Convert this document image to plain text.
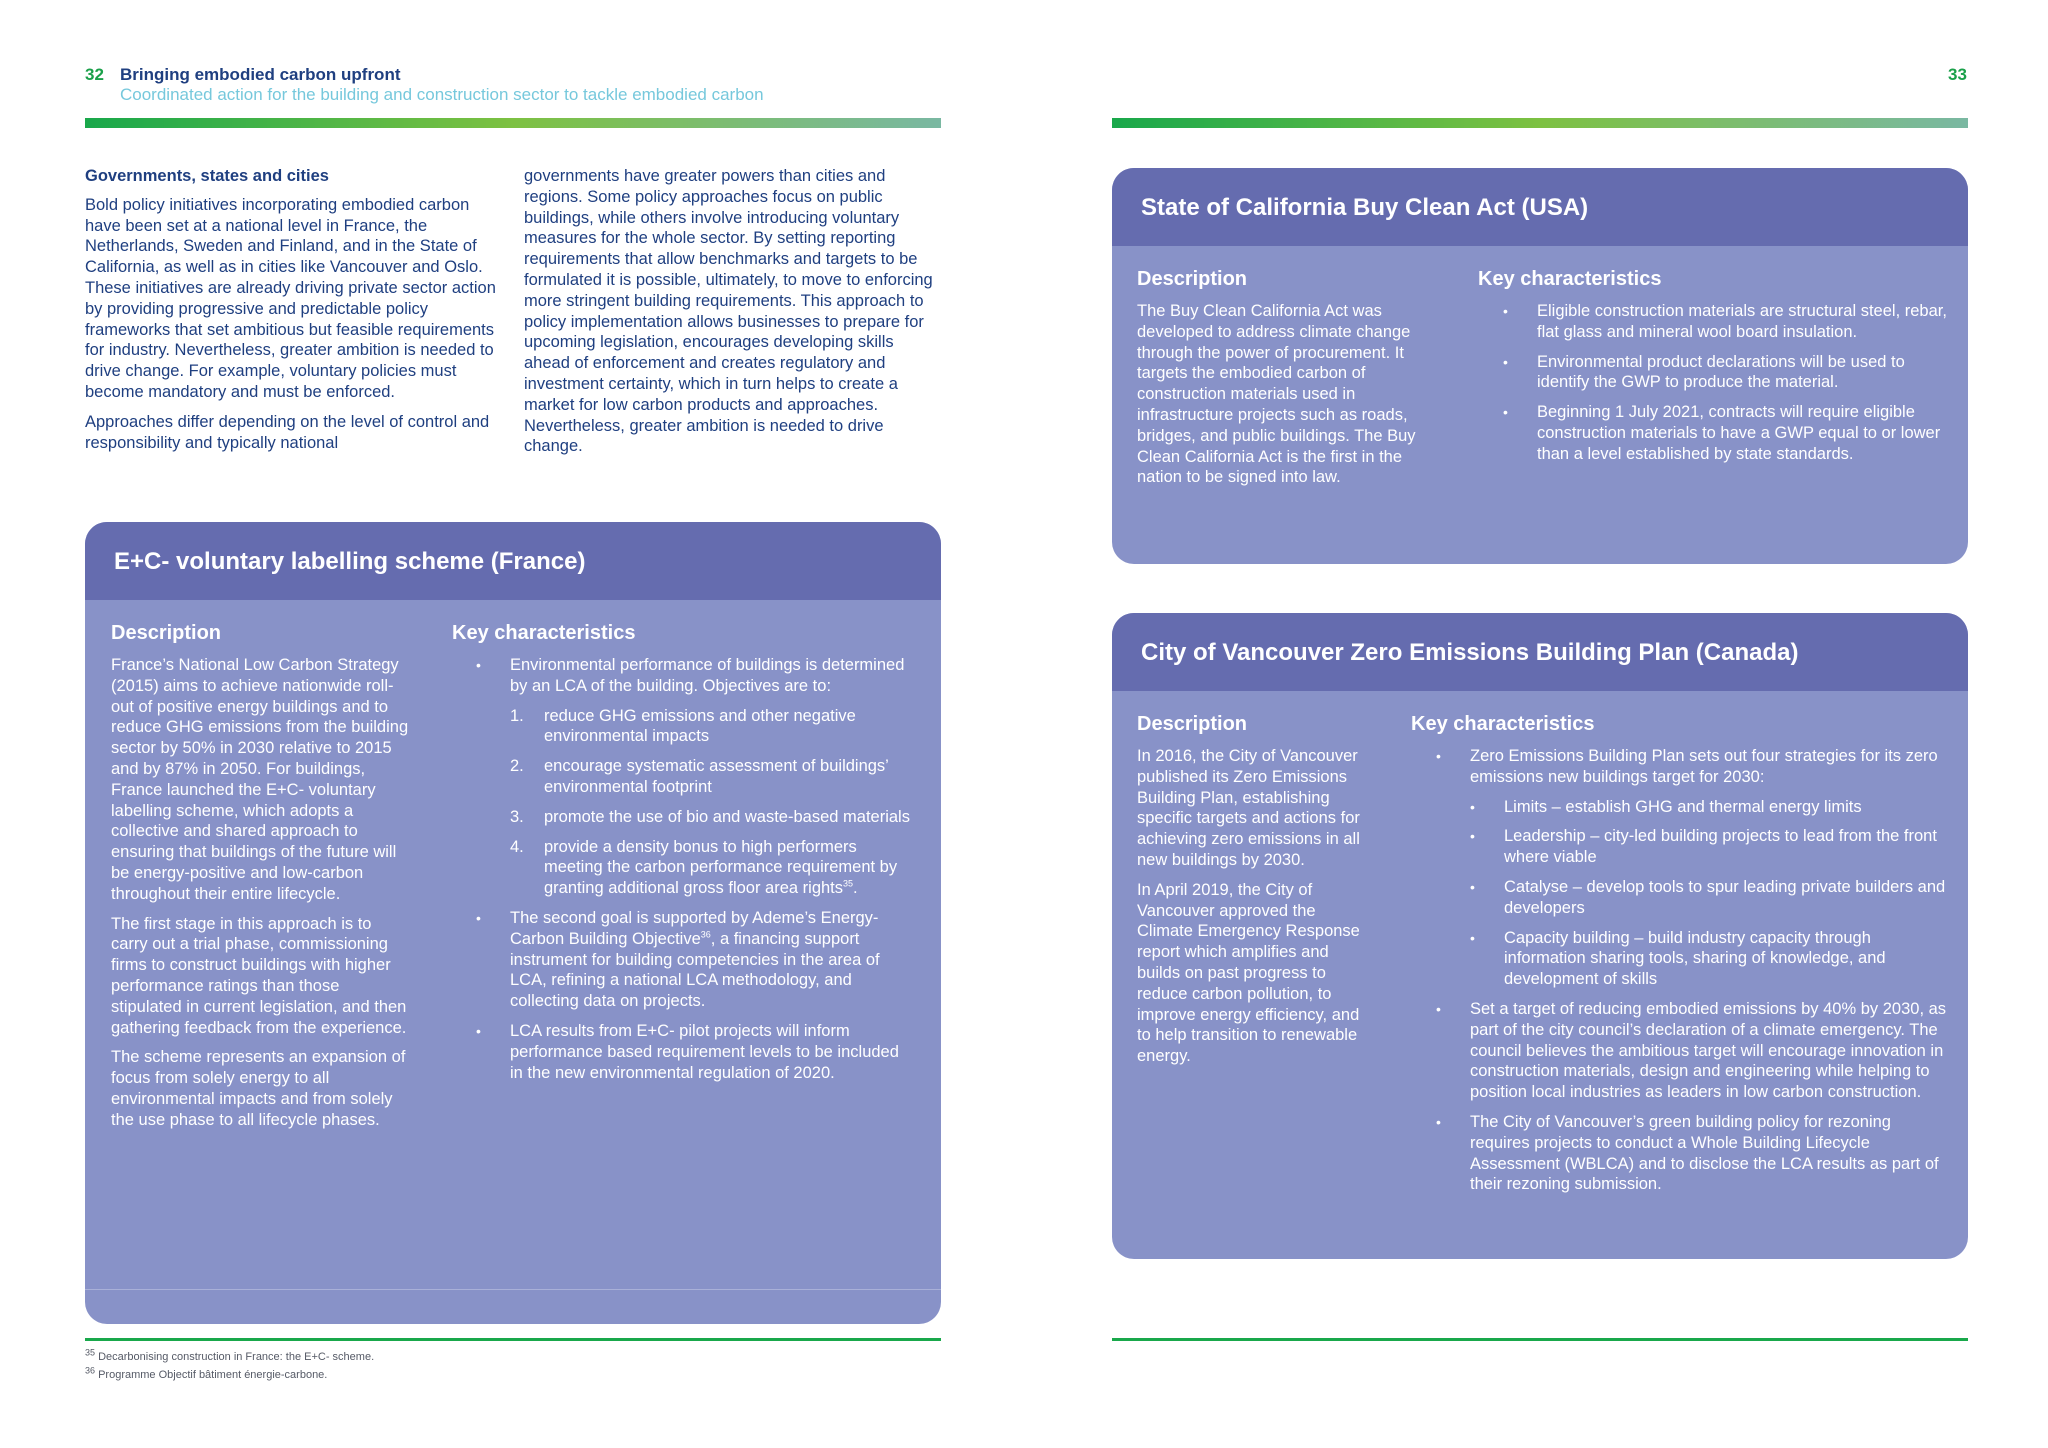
32 Bringing embodied carbon upfront
Coordinated action for the building and construction sector to tackle embodied carbon
33

Governments, states and cities

Bold policy initiatives incorporating embodied carbon have been set at a national level in France, the Netherlands, Sweden and Finland, and in the State of California, as well as in cities like Vancouver and Oslo. These initiatives are already driving private sector action by providing progressive and predictable policy frameworks that set ambitious but feasible requirements for industry. Nevertheless, greater ambition is needed to drive change. For example, voluntary policies must become mandatory and must be enforced.

Approaches differ depending on the level of control and responsibility and typically national

governments have greater powers than cities and regions. Some policy approaches focus on public buildings, while others involve introducing voluntary measures for the whole sector. By setting reporting requirements that allow benchmarks and targets to be formulated it is possible, ultimately, to move to enforcing more stringent building requirements. This approach to policy implementation allows businesses to prepare for upcoming legislation, encourages developing skills ahead of enforcement and creates regulatory and investment certainty, which in turn helps to create a market for low carbon products and approaches. Nevertheless, greater ambition is needed to drive change.

E+C- voluntary labelling scheme (France)
Description

France’s National Low Carbon Strategy (2015) aims to achieve nationwide roll-out of positive energy buildings and to reduce GHG emissions from the building sector by 50% in 2030 relative to 2015 and by 87% in 2050. For buildings, France launched the E+C- voluntary labelling scheme, which adopts a collective and shared approach to ensuring that buildings of the future will be energy-positive and low-carbon throughout their entire lifecycle.

The first stage in this approach is to carry out a trial phase, commissioning firms to construct buildings with higher performance ratings than those stipulated in current legislation, and then gathering feedback from the experience.

The scheme represents an expansion of focus from solely energy to all environmental impacts and from solely the use phase to all lifecycle phases.

Key characteristics
• Environmental performance of buildings is determined by an LCA of the building. Objectives are to:
1. reduce GHG emissions and other negative environmental impacts
2. encourage systematic assessment of buildings’ environmental footprint
3. promote the use of bio and waste-based materials
4. provide a density bonus to high performers meeting the carbon performance requirement by granting additional gross floor area rights$^{35}$.
• The second goal is supported by Ademe’s Energy-Carbon Building Objective$^{36}$, a financing support instrument for building competencies in the area of LCA, refining a national LCA methodology, and collecting data on projects.
• LCA results from E+C- pilot projects will inform performance based requirement levels to be included in the new environmental regulation of 2020.
$^{35}$ Decarbonising construction in France: the E+C- scheme.
$^{36}$ Programme Objectif bâtiment énergie-carbone.
State of California Buy Clean Act (USA)
Description

The Buy Clean California Act was developed to address climate change through the power of procurement. It targets the embodied carbon of construction materials used in infrastructure projects such as roads, bridges, and public buildings. The Buy Clean California Act is the first in the nation to be signed into law.

Key characteristics
• Eligible construction materials are structural steel, rebar, flat glass and mineral wool board insulation.
• Environmental product declarations will be used to identify the GWP to produce the material.
• Beginning 1 July 2021, contracts will require eligible construction materials to have a GWP equal to or lower than a level established by state standards.
City of Vancouver Zero Emissions Building Plan (Canada)
Description

In 2016, the City of Vancouver published its Zero Emissions Building Plan, establishing specific targets and actions for achieving zero emissions in all new buildings by 2030.

In April 2019, the City of Vancouver approved the Climate Emergency Response report which amplifies and builds on past progress to reduce carbon pollution, to improve energy efficiency, and to help transition to renewable energy.

Key characteristics
• Zero Emissions Building Plan sets out four strategies for its zero emissions new buildings target for 2030:
• Limits – establish GHG and thermal energy limits
• Leadership – city-led building projects to lead from the front where viable
• Catalyse – develop tools to spur leading private builders and developers
• Capacity building – build industry capacity through information sharing tools, sharing of knowledge, and development of skills
• Set a target of reducing embodied emissions by 40% by 2030, as part of the city council’s declaration of a climate emergency. The council believes the ambitious target will encourage innovation in construction materials, design and engineering while helping to position local industries as leaders in low carbon construction.
• The City of Vancouver’s green building policy for rezoning requires projects to conduct a Whole Building Lifecycle Assessment (WBLCA) and to disclose the LCA results as part of their rezoning submission.
